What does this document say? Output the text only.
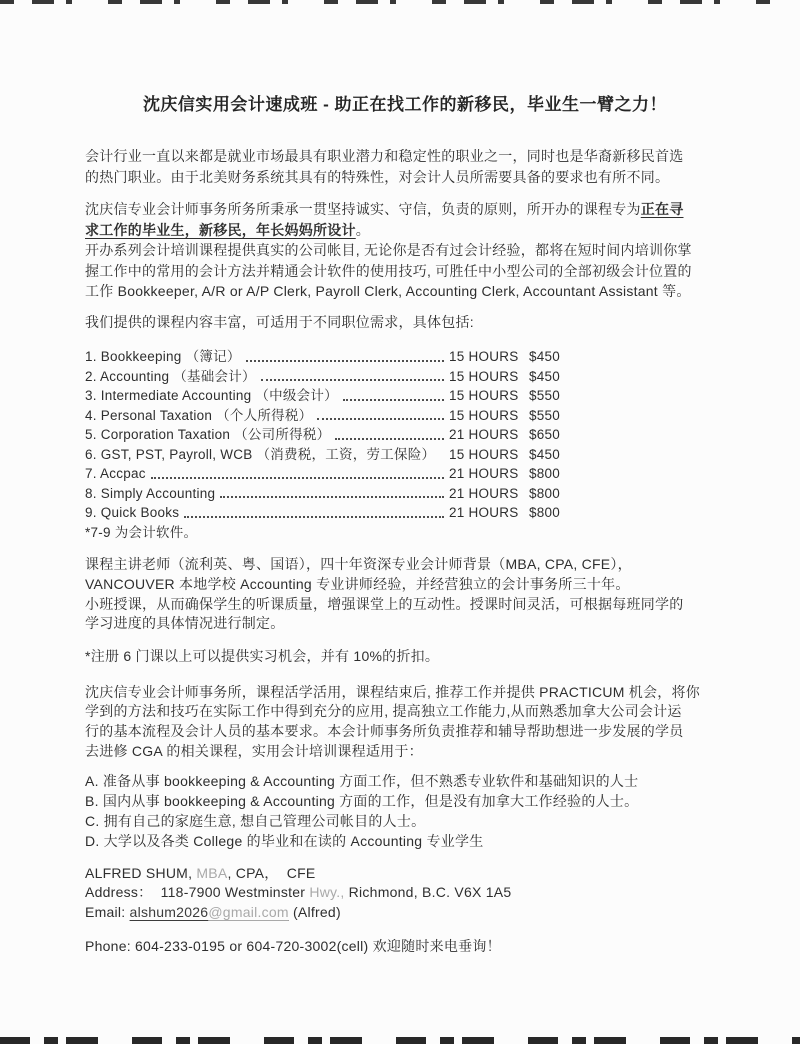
沈庆信实用会计速成班 - 助正在找工作的新移民，毕业生一臂之力！

会计行业一直以来都是就业市场最具有职业潜力和稳定性的职业之一，同时也是华裔新移民首选
的热门职业。由于北美财务系统其具有的特殊性，对会计人员所需要具备的要求也有所不同。

沈庆信专业会计师事务所务所秉承一贯坚持诚实、守信，负责的原则，所开办的课程专为正在寻
求工作的毕业生，新移民，年长妈妈所设计。
开办系列会计培训课程提供真实的公司帐目, 无论你是否有过会计经验，都将在短时间内培训你掌
握工作中的常用的会计方法并精通会计软件的使用技巧, 可胜任中小型公司的全部初级会计位置的
工作 Bookkeeper, A/R or A/P Clerk, Payroll Clerk, Accounting Clerk, Accountant Assistant 等。

我们提供的课程内容丰富，可适用于不同职位需求，具体包括:

1. Bookkeeping （簿记）	15 HOURS $450
2. Accounting （基础会计）	15 HOURS $450
3. Intermediate Accounting （中级会计）	15 HOURS $550
4. Personal Taxation （个人所得税）	15 HOURS $550
5. Corporation Taxation （公司所得税）	21 HOURS $650
6. GST, PST, Payroll, WCB （消费税，工资，劳工保险） 15 HOURS $450
7. Accpac	21 HOURS $800
8. Simply Accounting	21 HOURS $800
9. Quick Books	21 HOURS $800
*7-9 为会计软件。

课程主讲老师（流利英、粤、国语），四十年资深专业会计师背景（MBA, CPA, CFE），
VANCOUVER 本地学校 Accounting 专业讲师经验，并经营独立的会计事务所三十年。
小班授课，从而确保学生的听课质量，增强课堂上的互动性。授课时间灵活，可根据每班同学的
学习进度的具体情况进行制定。

*注册 6 门课以上可以提供实习机会，并有 10%的折扣。

沈庆信专业会计师事务所，课程活学活用，课程结束后, 推荐工作并提供 PRACTICUM 机会，将你
学到的方法和技巧在实际工作中得到充分的应用, 提高独立工作能力,从而熟悉加拿大公司会计运
行的基本流程及会计人员的基本要求。本会计师事务所负责推荐和辅导帮助想进一步发展的学员
去进修 CGA 的相关课程，实用会计培训课程适用于：

A. 准备从事 bookkeeping & Accounting 方面工作，但不熟悉专业软件和基础知识的人士
B. 国内从事 bookkeeping & Accounting 方面的工作，但是没有加拿大工作经验的人士。
C. 拥有自己的家庭生意, 想自己管理公司帐目的人士。
D. 大学以及各类 College 的毕业和在读的 Accounting 专业学生
ALFRED SHUM, MBA, CPA，  CFE
Address：  118-7900 Westminster Hwy., Richmond, B.C. V6X 1A5
Email: alshum2026@gmail.com (Alfred)
Phone: 604-233-0195 or 604-720-3002(cell) 欢迎随时来电垂询！
